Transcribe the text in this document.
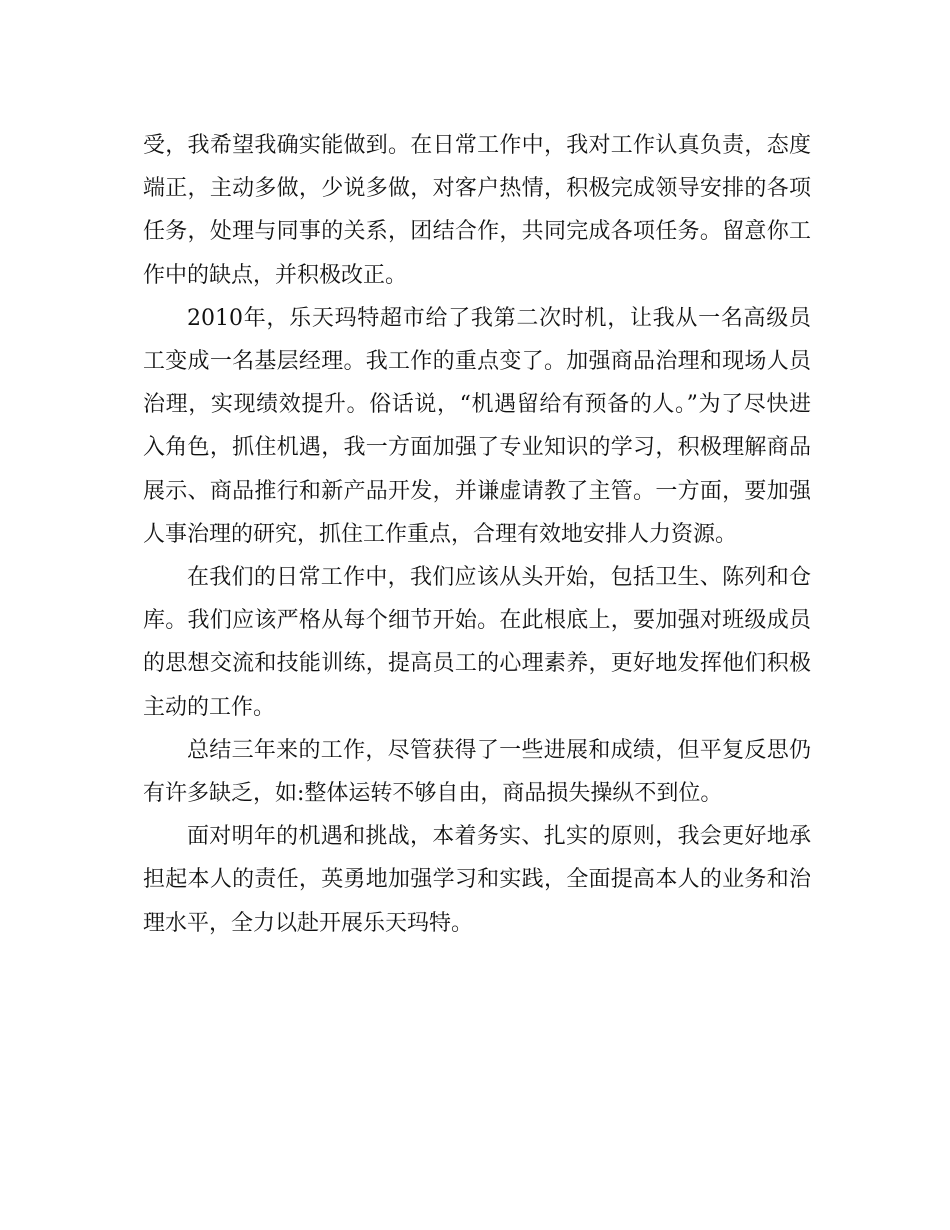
受，我希望我确实能做到。在日常工作中，我对工作认真负责，态度端正，主动多做，少说多做，对客户热情，积极完成领导安排的各项任务，处理与同事的关系，团结合作，共同完成各项任务。留意你工作中的缺点，并积极改正。

2010年，乐天玛特超市给了我第二次时机，让我从一名高级员工变成一名基层经理。我工作的重点变了。加强商品治理和现场人员治理，实现绩效提升。俗话说，“机遇留给有预备的人。”为了尽快进入角色，抓住机遇，我一方面加强了专业知识的学习，积极理解商品展示、商品推行和新产品开发，并谦虚请教了主管。一方面，要加强人事治理的研究，抓住工作重点，合理有效地安排人力资源。

在我们的日常工作中，我们应该从头开始，包括卫生、陈列和仓库。我们应该严格从每个细节开始。在此根底上，要加强对班级成员的思想交流和技能训练，提高员工的心理素养，更好地发挥他们积极主动的工作。

总结三年来的工作，尽管获得了一些进展和成绩，但平复反思仍有许多缺乏，如:整体运转不够自由，商品损失操纵不到位。

面对明年的机遇和挑战，本着务实、扎实的原则，我会更好地承担起本人的责任，英勇地加强学习和实践，全面提高本人的业务和治理水平，全力以赴开展乐天玛特。
